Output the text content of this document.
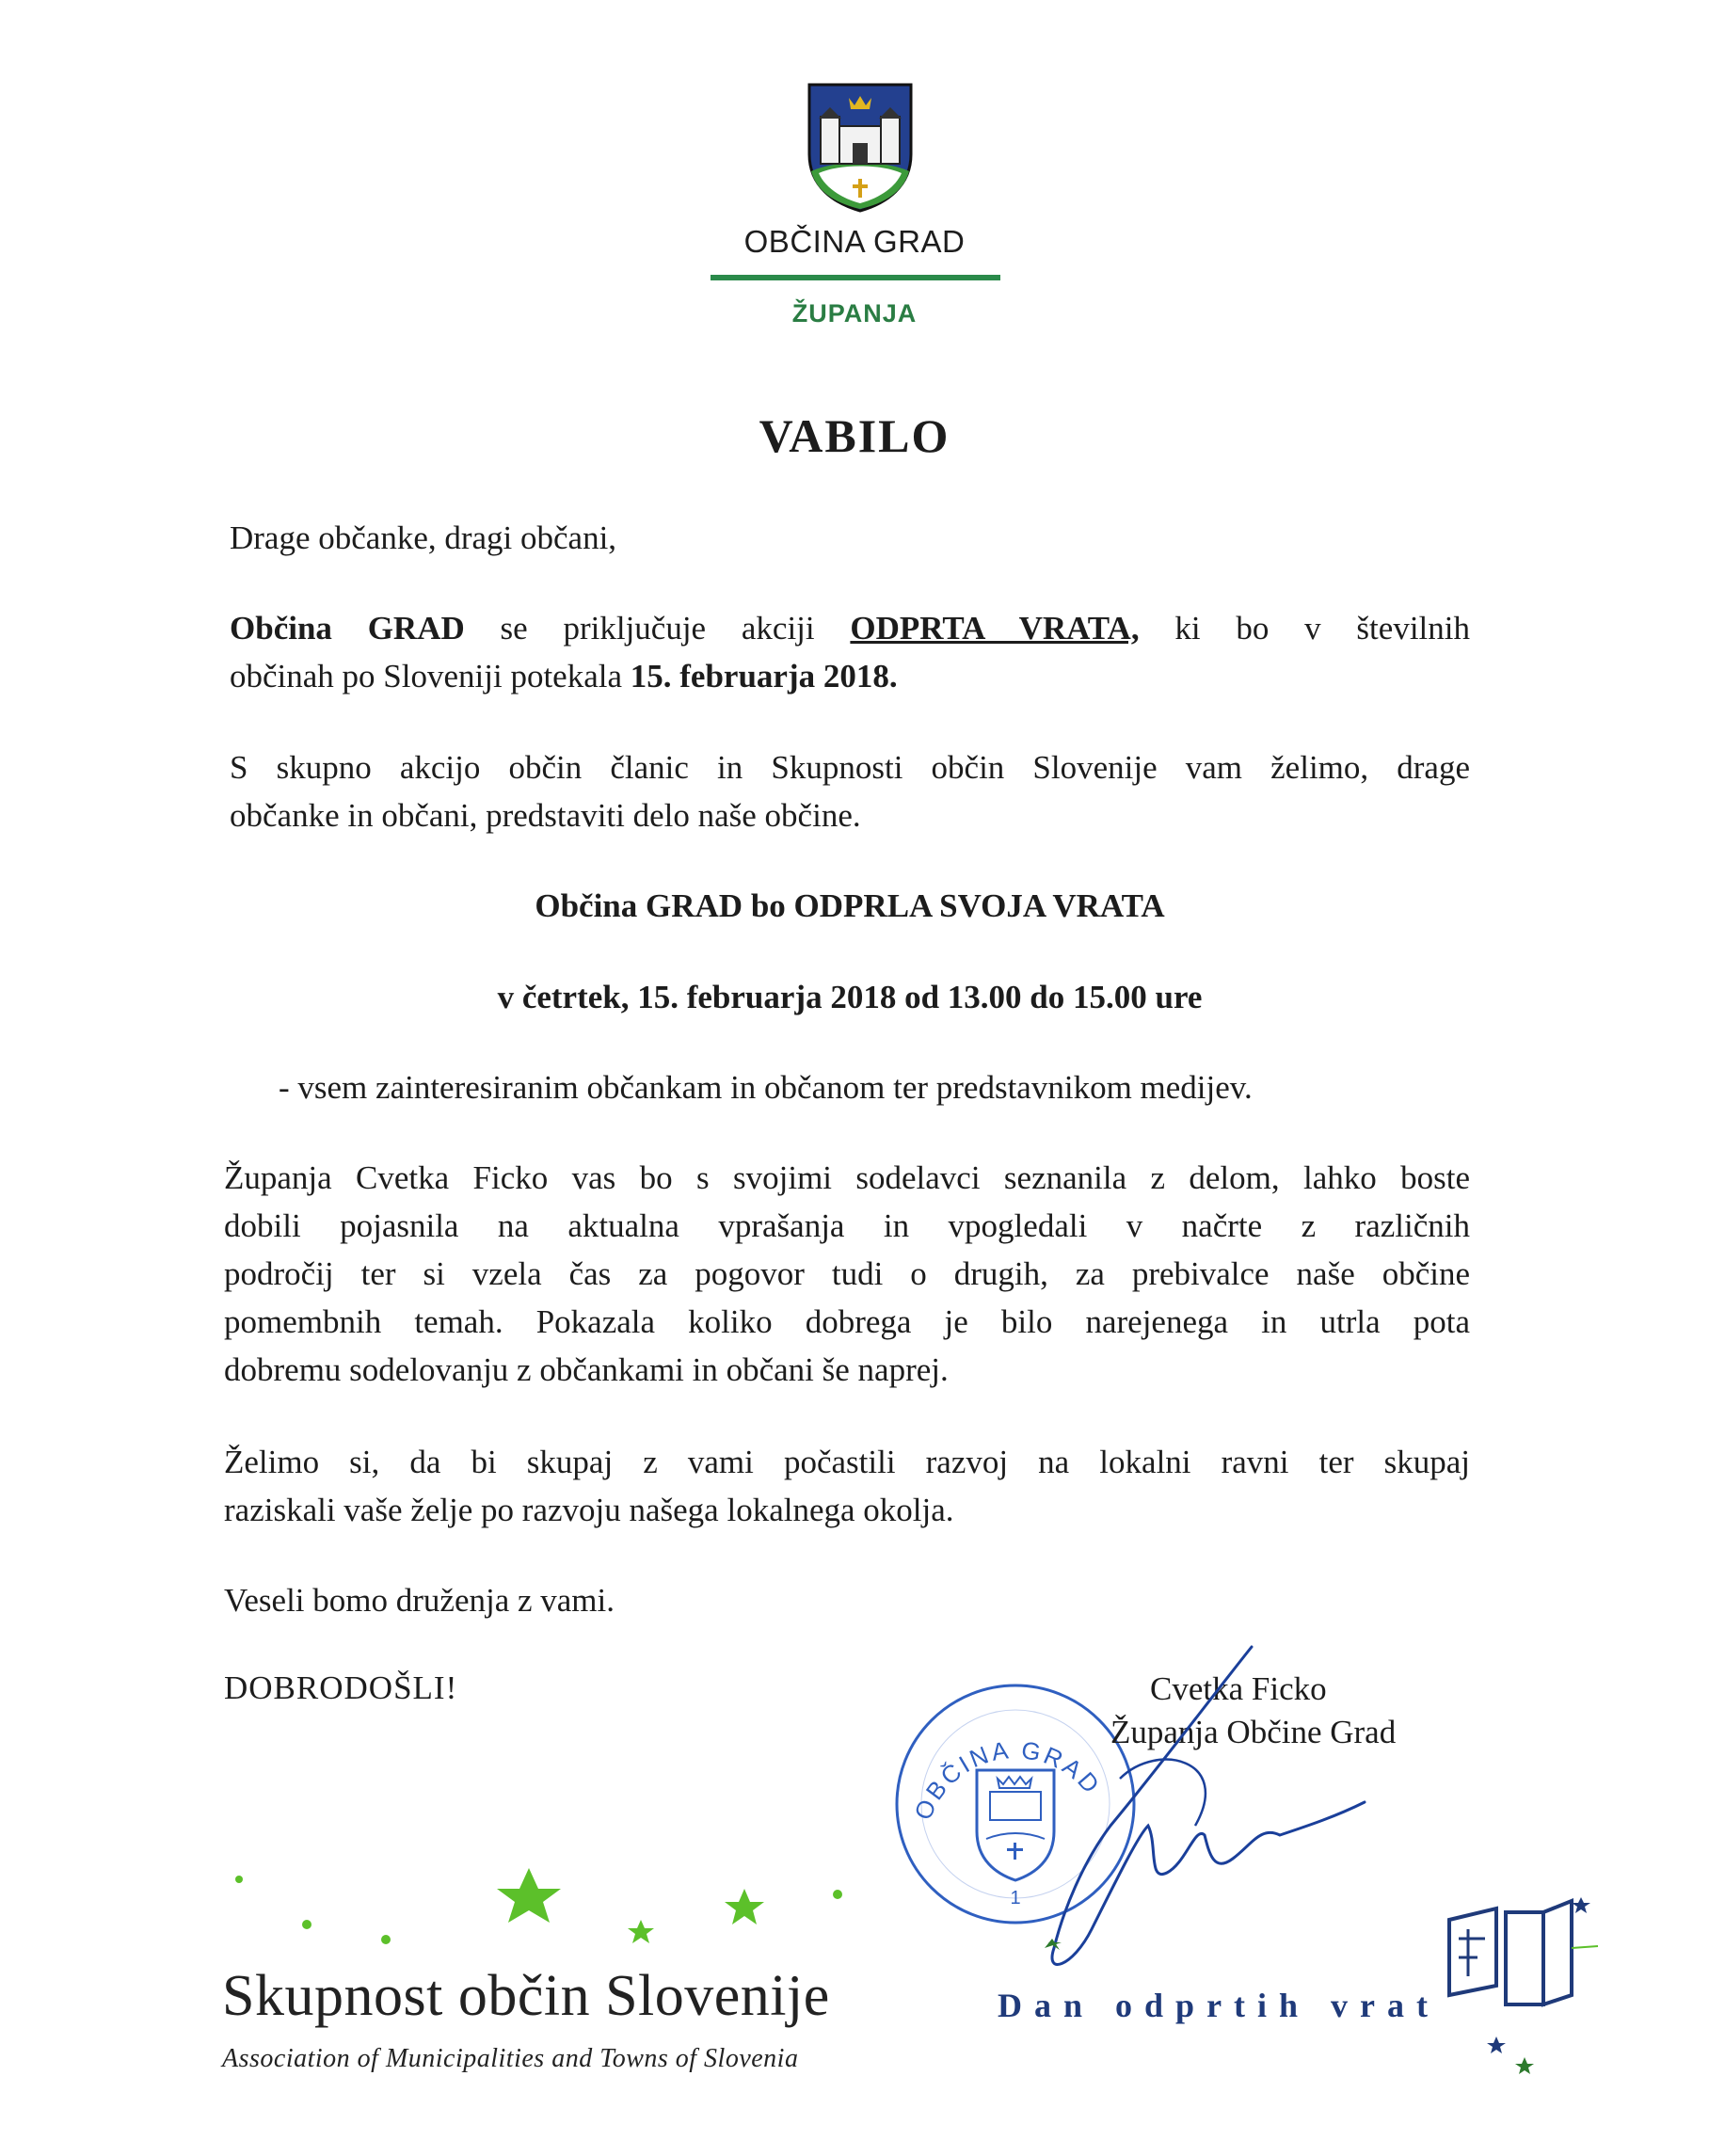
OBČINA GRAD
ŽUPANJA
VABILO
Drage občanke, dragi občani,
Občina GRAD se priključuje akciji ODPRTA VRATA, ki bo v številnih
občinah po Sloveniji potekala 15. februarja 2018.
S skupno akcijo občin članic in Skupnosti občin Slovenije vam želimo, drage
občanke in občani, predstaviti delo naše občine.
Občina GRAD bo ODPRLA SVOJA VRATA
v četrtek, 15. februarja 2018 od 13.00 do 15.00 ure
- vsem zainteresiranim občankam in občanom ter predstavnikom medijev.
Županja Cvetka Ficko vas bo s svojimi sodelavci seznanila z delom, lahko boste
dobili pojasnila na aktualna vprašanja in vpogledali v načrte z različnih
področij ter si vzela čas za pogovor tudi o drugih, za prebivalce naše občine
pomembnih temah. Pokazala koliko dobrega je bilo narejenega in utrla pota
dobremu sodelovanju z občankami in občani še naprej.
Želimo si, da bi skupaj z vami počastili razvoj na lokalni ravni ter skupaj
raziskali vaše želje po razvoju našega lokalnega okolja.
Veseli bomo druženja z vami.
DOBRODOŠLI!
OBČINA GRAD
1
Cvetka Ficko
Županja Občine Grad
Skupnost občin Slovenije
Association of Municipalities and Towns of Slovenia
Dan odprtih vrat
